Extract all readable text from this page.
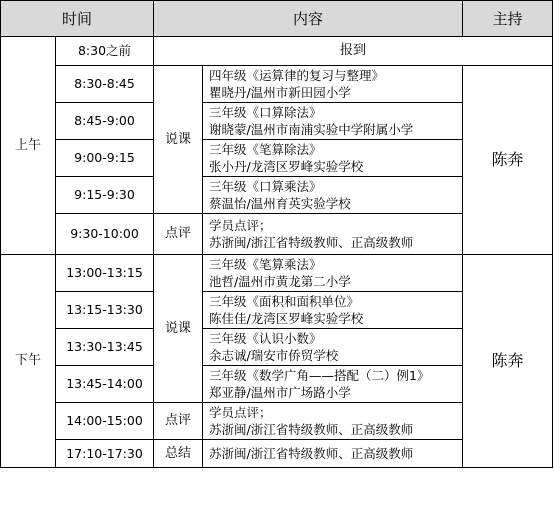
时间		内容		主持
上午	8:30之前	报到		
	8:30-8:45	说课	四年级《运算律的复习与整理》
瞿晓丹/温州市新田园小学	陈奔
	8:45-9:00		三年级《口算除法》
谢晓蒙/温州市南浦实验中学附属小学	

	9:00-9:15		三年级《笔算除法》
张小丹/龙湾区罗峰实验学校	

	9:15-9:30		三年级《口算乘法》
蔡温怡/温州育英实验学校	

	9:30-10:00	点评	学员点评；
苏浙闽/浙江省特级教师、正高级教师	

下午	13:00-13:15	说课	三年级《笔算乘法》
池哲/温州市黄龙第二小学	陈奔
	13:15-13:30		三年级《面积和面积单位》
陈佳佳/龙湾区罗峰实验学校	

	13:30-13:45		三年级《认识小数》
余志诚/瑞安市侨贸学校	

	13:45-14:00		三年级《数学广角——搭配（二）例1》
郑亚静/温州市广场路小学	

	14:00-15:00	点评	学员点评；
苏浙闽/浙江省特级教师、正高级教师	

	17:10-17:30	总结	苏浙闽/浙江省特级教师、正高级教师	
